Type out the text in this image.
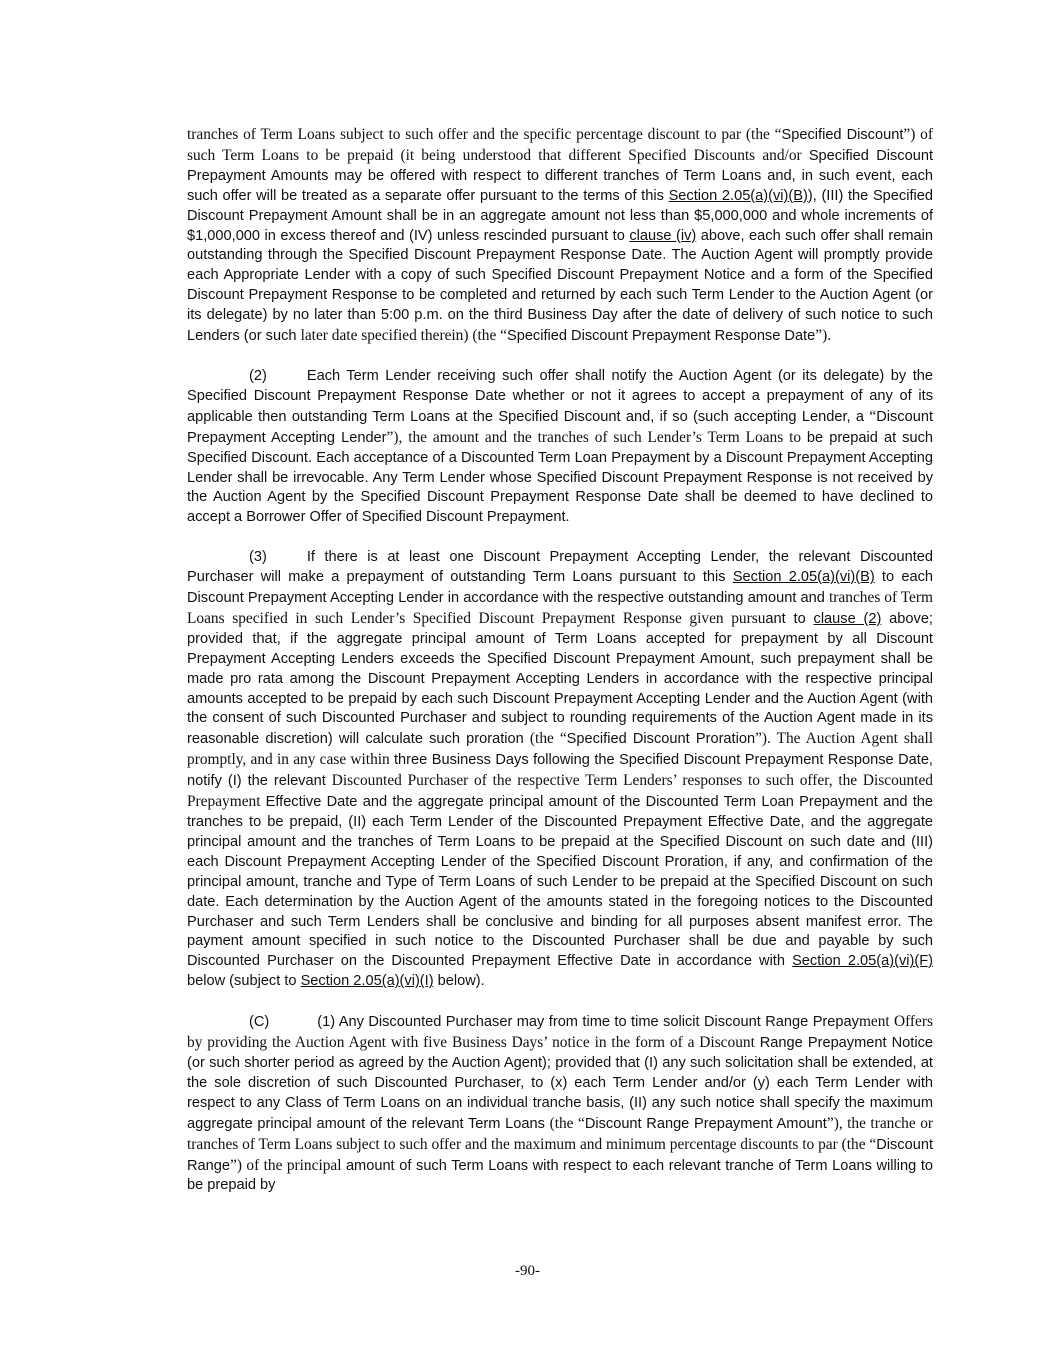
tranches of Term Loans subject to such offer and the specific percentage discount to par (the “Specified Discount”) of such Term Loans to be prepaid (it being understood that different Specified Discounts and/or Specified Discount Prepayment Amounts may be offered with respect to different tranches of Term Loans and, in such event, each such offer will be treated as a separate offer pursuant to the terms of this Section 2.05(a)(vi)(B)), (III) the Specified Discount Prepayment Amount shall be in an aggregate amount not less than $5,000,000 and whole increments of $1,000,000 in excess thereof and (IV) unless rescinded pursuant to clause (iv) above, each such offer shall remain outstanding through the Specified Discount Prepayment Response Date. The Auction Agent will promptly provide each Appropriate Lender with a copy of such Specified Discount Prepayment Notice and a form of the Specified Discount Prepayment Response to be completed and returned by each such Term Lender to the Auction Agent (or its delegate) by no later than 5:00 p.m. on the third Business Day after the date of delivery of such notice to such Lenders (or such later date specified therein) (the “Specified Discount Prepayment Response Date”).

(2)	Each Term Lender receiving such offer shall notify the Auction Agent (or its delegate) by the Specified Discount Prepayment Response Date whether or not it agrees to accept a prepayment of any of its applicable then outstanding Term Loans at the Specified Discount and, if so (such accepting Lender, a “Discount Prepayment Accepting Lender”), the amount and the tranches of such Lender’s Term Loans to be prepaid at such Specified Discount. Each acceptance of a Discounted Term Loan Prepayment by a Discount Prepayment Accepting Lender shall be irrevocable. Any Term Lender whose Specified Discount Prepayment Response is not received by the Auction Agent by the Specified Discount Prepayment Response Date shall be deemed to have declined to accept a Borrower Offer of Specified Discount Prepayment.

(3)	If there is at least one Discount Prepayment Accepting Lender, the relevant Discounted Purchaser will make a prepayment of outstanding Term Loans pursuant to this Section 2.05(a)(vi)(B) to each Discount Prepayment Accepting Lender in accordance with the respective outstanding amount and tranches of Term Loans specified in such Lender’s Specified Discount Prepayment Response given pursuant to clause (2) above; provided that, if the aggregate principal amount of Term Loans accepted for prepayment by all Discount Prepayment Accepting Lenders exceeds the Specified Discount Prepayment Amount, such prepayment shall be made pro rata among the Discount Prepayment Accepting Lenders in accordance with the respective principal amounts accepted to be prepaid by each such Discount Prepayment Accepting Lender and the Auction Agent (with the consent of such Discounted Purchaser and subject to rounding requirements of the Auction Agent made in its reasonable discretion) will calculate such proration (the “Specified Discount Proration”). The Auction Agent shall promptly, and in any case within three Business Days following the Specified Discount Prepayment Response Date, notify (I) the relevant Discounted Purchaser of the respective Term Lenders’ responses to such offer, the Discounted Prepayment Effective Date and the aggregate principal amount of the Discounted Term Loan Prepayment and the tranches to be prepaid, (II) each Term Lender of the Discounted Prepayment Effective Date, and the aggregate principal amount and the tranches of Term Loans to be prepaid at the Specified Discount on such date and (III) each Discount Prepayment Accepting Lender of the Specified Discount Proration, if any, and confirmation of the principal amount, tranche and Type of Term Loans of such Lender to be prepaid at the Specified Discount on such date. Each determination by the Auction Agent of the amounts stated in the foregoing notices to the Discounted Purchaser and such Term Lenders shall be conclusive and binding for all purposes absent manifest error. The payment amount specified in such notice to the Discounted Purchaser shall be due and payable by such Discounted Purchaser on the Discounted Prepayment Effective Date in accordance with Section 2.05(a)(vi)(F) below (subject to Section 2.05(a)(vi)(I) below).

(C)	(1) Any Discounted Purchaser may from time to time solicit Discount Range Prepayment Offers by providing the Auction Agent with five Business Days’ notice in the form of a Discount Range Prepayment Notice (or such shorter period as agreed by the Auction Agent); provided that (I) any such solicitation shall be extended, at the sole discretion of such Discounted Purchaser, to (x) each Term Lender and/or (y) each Term Lender with respect to any Class of Term Loans on an individual tranche basis, (II) any such notice shall specify the maximum aggregate principal amount of the relevant Term Loans (the “Discount Range Prepayment Amount”), the tranche or tranches of Term Loans subject to such offer and the maximum and minimum percentage discounts to par (the “Discount Range”) of the principal amount of such Term Loans with respect to each relevant tranche of Term Loans willing to be prepaid by

-90-
